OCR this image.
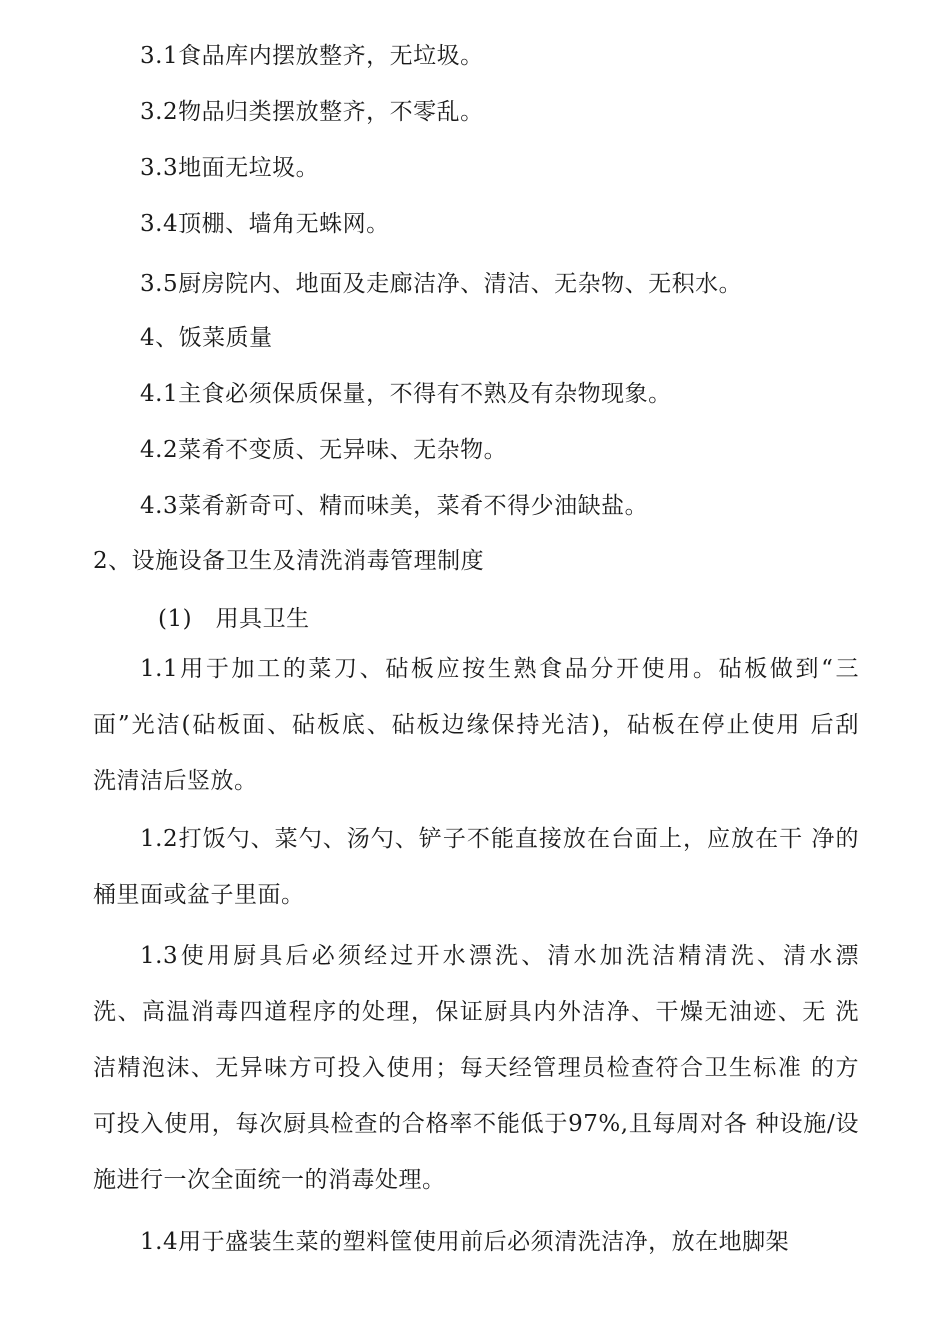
3.1食品库内摆放整齐，无垃圾。
3.2物品归类摆放整齐，不零乱。
3.3地面无垃圾。
3.4顶棚、墙角无蛛网。
3.5厨房院内、地面及走廊洁净、清洁、无杂物、无积水。
4、饭菜质量
4.1主食必须保质保量，不得有不熟及有杂物现象。
4.2菜肴不变质、无异味、无杂物。
4.3菜肴新奇可、精而味美，菜肴不得少油缺盐。
2、设施设备卫生及清洗消毒管理制度
(1)　用具卫生
1.1用于加工的菜刀、砧板应按生熟食品分开使用。砧板做到“三
面”光洁(砧板面、砧板底、砧板边缘保持光洁)，砧板在停止使用 后刮
洗清洁后竖放。
1.2打饭勺、菜勺、汤勺、铲子不能直接放在台面上，应放在干 净的
桶里面或盆子里面。
1.3使用厨具后必须经过开水漂洗、清水加洗洁精清洗、清水漂
洗、高温消毒四道程序的处理，保证厨具内外洁净、干燥无油迹、无 洗
洁精泡沫、无异味方可投入使用；每天经管理员检查符合卫生标准 的方
可投入使用，每次厨具检查的合格率不能低于97%,且每周对各 种设施/设
施进行一次全面统一的消毒处理。
1.4用于盛装生菜的塑料筐使用前后必须清洗洁净，放在地脚架
